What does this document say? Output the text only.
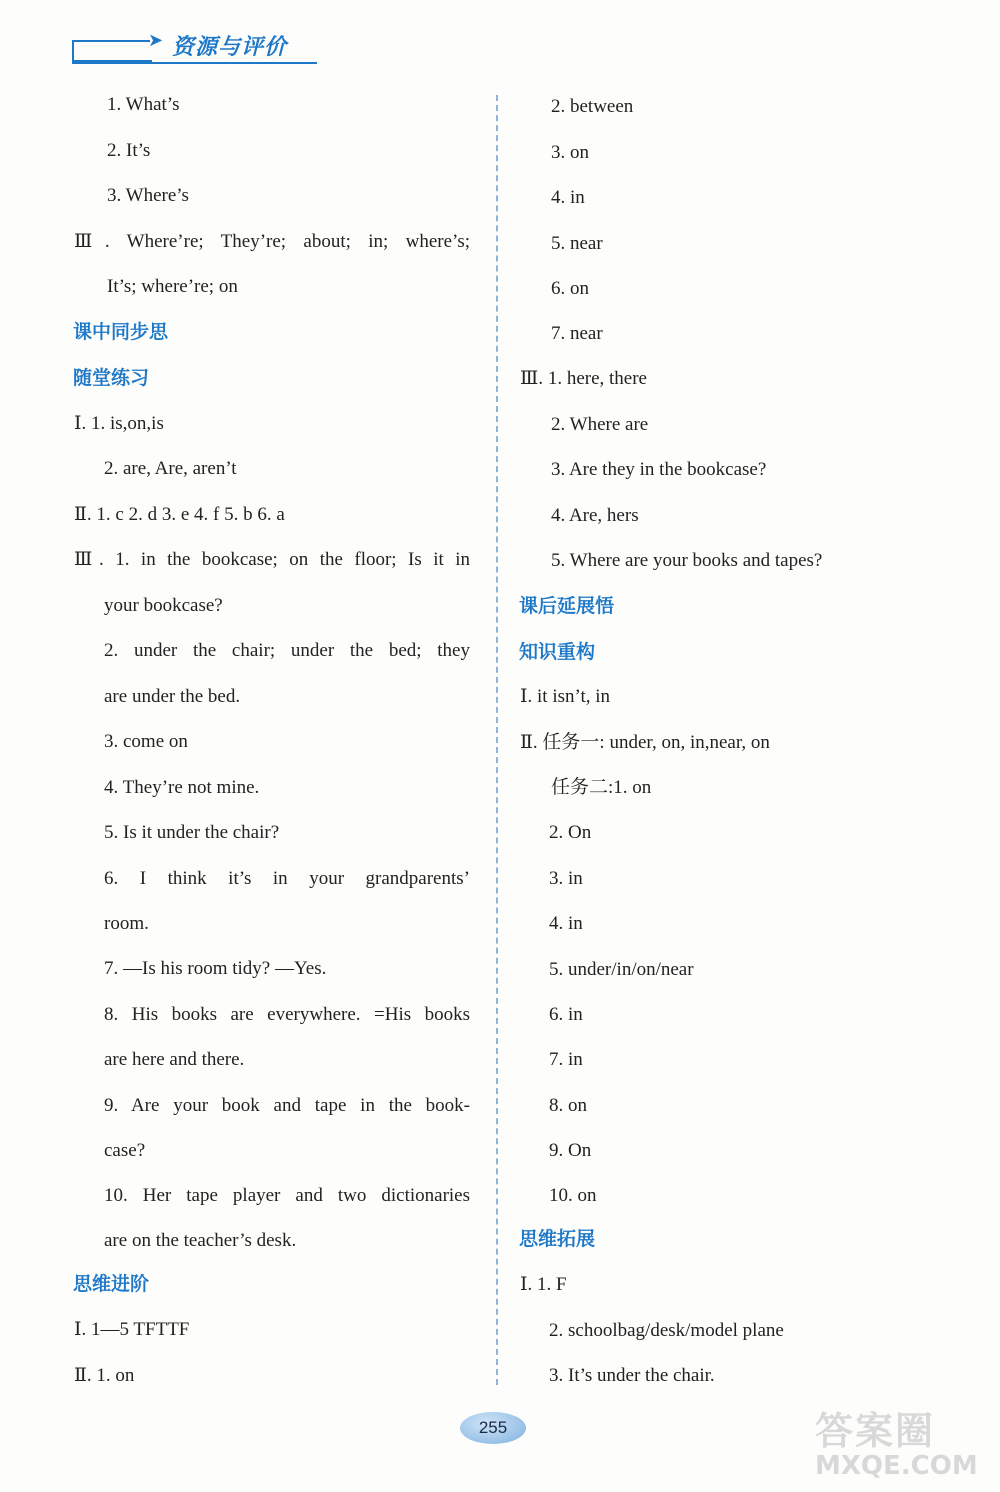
➤ 资源与评价
1. What’s
2. It’s
3. Where’s
Ⅲ. Where’re; They’re; about; in; where’s;
It’s; where’re; on
课中同步思
随堂练习
Ⅰ. 1. is,on,is
2. are, Are, aren’t
Ⅱ. 1. c 2. d 3. e 4. f 5. b 6. a
Ⅲ. 1. in the bookcase; on the floor; Is it in
your bookcase?
2. under the chair; under the bed; they
are under the bed.
3. come on
4. They’re not mine.
5. Is it under the chair?
6. I think it’s in your grandparents’
room.
7. —Is his room tidy? —Yes.
8. His books are everywhere. =His books
are here and there.
9. Are your book and tape in the book-
case?
10. Her tape player and two dictionaries
are on the teacher’s desk.
思维进阶
Ⅰ. 1—5 TFTTF
Ⅱ. 1. on
2. between
3. on
4. in
5. near
6. on
7. near
Ⅲ. 1. here, there
2. Where are
3. Are they in the bookcase?
4. Are, hers
5. Where are your books and tapes?
课后延展悟
知识重构
Ⅰ. it isn’t, in
Ⅱ. 任务一: under, on, in,near, on
任务二:1. on
2. On
3. in
4. in
5. under/in/on/near
6. in
7. in
8. on
9. On
10. on
思维拓展
Ⅰ. 1. F
2. schoolbag/desk/model plane
3. It’s under the chair.
255	答案圈
MXQE.COM
